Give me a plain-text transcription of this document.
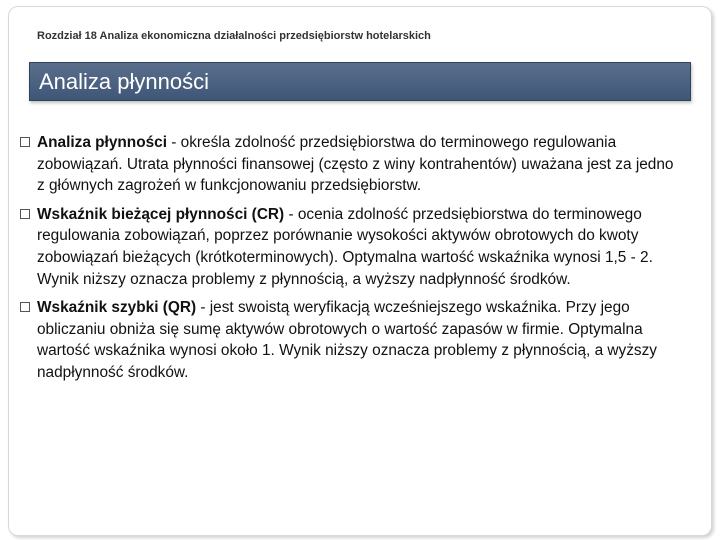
Rozdział 18 Analiza ekonomiczna działalności przedsiębiorstw hotelarskich
Analiza płynności
Analiza płynności - określa zdolność przedsiębiorstwa do terminowego regulowania zobowiązań. Utrata płynności finansowej (często z winy kontrahentów) uważana jest za jedno z głównych zagrożeń w funkcjonowaniu przedsiębiorstw.
Wskaźnik bieżącej płynności (CR) - ocenia zdolność przedsiębiorstwa do terminowego regulowania zobowiązań, poprzez porównanie wysokości aktywów obrotowych do kwoty zobowiązań bieżących (krótkoterminowych). Optymalna wartość wskaźnika wynosi 1,5 - 2. Wynik niższy oznacza problemy z płynnością, a wyższy nadpłynność środków.
Wskaźnik szybki (QR) - jest swoistą weryfikacją wcześniejszego wskaźnika. Przy jego obliczaniu obniża się sumę aktywów obrotowych o wartość zapasów w firmie. Optymalna wartość wskaźnika wynosi około 1. Wynik niższy oznacza problemy z płynnością, a wyższy nadpłynność środków.
